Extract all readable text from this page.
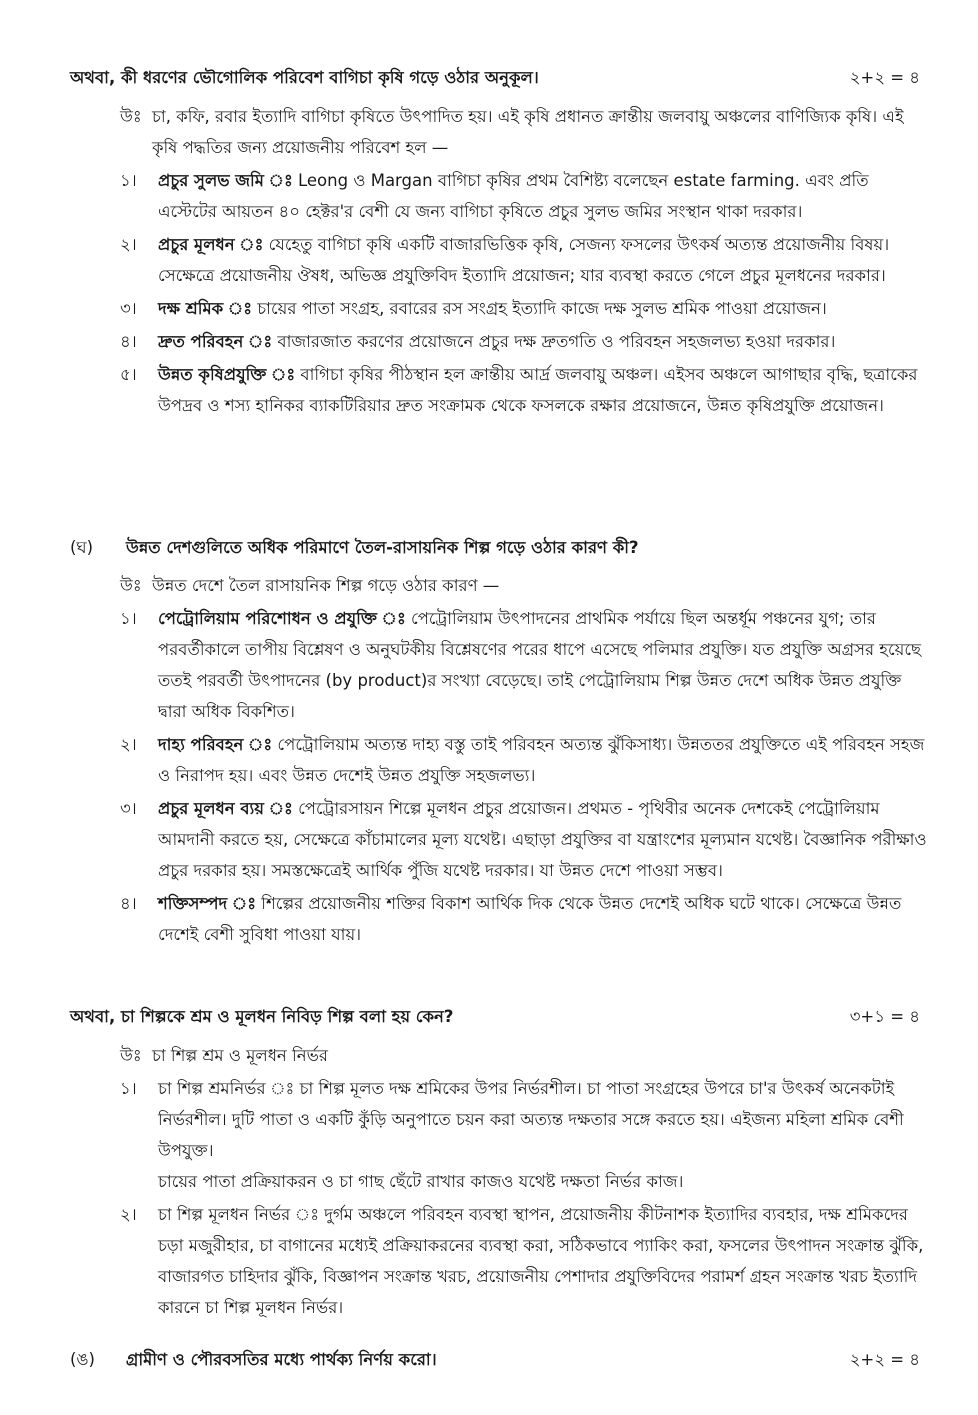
অথবা, কী ধরণের ভৌগোলিক পরিবেশ বাগিচা কৃষি গড়ে ওঠার অনুকূল।	২+২ = ৪
উঃ চা, কফি, রবার ইত্যাদি বাগিচা কৃষিতে উৎপাদিত হয়। এই কৃষি প্রধানত ক্রান্তীয় জলবায়ু অঞ্চলের বাণিজ্যিক কৃষি। এই কৃষি পদ্ধতির জন্য প্রয়োজনীয় পরিবেশ হল —
১। প্রচুর সুলভ জমি ঃ Leong ও Margan বাগিচা কৃষির প্রথম বৈশিষ্ট্য বলেছেন estate farming. এবং প্রতি এস্টেটের আয়তন ৪০ হেক্টর'র বেশী যে জন্য বাগিচা কৃষিতে প্রচুর সুলভ জমির সংস্থান থাকা দরকার।
২। প্রচুর মূলধন ঃ যেহেতু বাগিচা কৃষি একটি বাজারভিত্তিক কৃষি, সেজন্য ফসলের উৎকর্ষ অত্যন্ত প্রয়োজনীয় বিষয়। সেক্ষেত্রে প্রয়োজনীয় ঔষধ, অভিজ্ঞ প্রযুক্তিবিদ ইত্যাদি প্রয়োজন; যার ব্যবস্থা করতে গেলে প্রচুর মূলধনের দরকার।
৩। দক্ষ শ্রমিক ঃ চায়ের পাতা সংগ্রহ, রবারের রস সংগ্রহ ইত্যাদি কাজে দক্ষ সুলভ শ্রমিক পাওয়া প্রয়োজন।
৪। দ্রুত পরিবহন ঃ বাজারজাত করণের প্রয়োজনে প্রচুর দক্ষ দ্রুতগতি ও পরিবহন সহজলভ্য হওয়া দরকার।
৫। উন্নত কৃষিপ্রযুক্তি ঃ বাগিচা কৃষির পীঠস্থান হল ক্রান্তীয় আর্দ্র জলবায়ু অঞ্চল। এইসব অঞ্চলে আগাছার বৃদ্ধি, ছত্রাকের উপদ্রব ও শস্য হানিকর ব্যাকটিরিয়ার দ্রুত সংক্রামক থেকে ফসলকে রক্ষার প্রয়োজনে, উন্নত কৃষিপ্রযুক্তি প্রয়োজন।
(ঘ)	উন্নত দেশগুলিতে অধিক পরিমাণে তৈল-রাসায়নিক শিল্প গড়ে ওঠার কারণ কী?
উঃ উন্নত দেশে তৈল রাসায়নিক শিল্প গড়ে ওঠার কারণ —
১। পেট্রোলিয়াম পরিশোধন ও প্রযুক্তি ঃ পেট্রোলিয়াম উৎপাদনের প্রাথমিক পর্যায়ে ছিল অন্তর্ধূম পঞ্চনের যুগ; তার পরবর্তীকালে তাপীয় বিশ্লেষণ ও অনুঘটকীয় বিশ্লেষণের পরের ধাপে এসেছে পলিমার প্রযুক্তি। যত প্রযুক্তি অগ্রসর হয়েছে ততই পরবর্তী উৎপাদনের (by product)র সংখ্যা বেড়েছে। তাই পেট্রোলিয়াম শিল্প উন্নত দেশে অধিক উন্নত প্রযুক্তি দ্বারা অধিক বিকশিত।
২। দাহ্য পরিবহন ঃ পেট্রোলিয়াম অত্যন্ত দাহ্য বস্তু তাই পরিবহন অত্যন্ত ঝুঁকিসাধ্য। উন্নততর প্রযুক্তিতে এই পরিবহন সহজ ও নিরাপদ হয়। এবং উন্নত দেশেই উন্নত প্রযুক্তি সহজলভ্য।
৩। প্রচুর মূলধন ব্যয় ঃ পেট্রোরসায়ন শিল্পে মূলধন প্রচুর প্রয়োজন। প্রথমত - পৃথিবীর অনেক দেশকেই পেট্রোলিয়াম আমদানী করতে হয়, সেক্ষেত্রে কাঁচামালের মূল্য যথেষ্ট। এছাড়া প্রযুক্তির বা যন্ত্রাংশের মূল্যমান যথেষ্ট। বৈজ্ঞানিক পরীক্ষাও প্রচুর দরকার হয়। সমস্তক্ষেত্রেই আর্থিক পুঁজি যথেষ্ট দরকার। যা উন্নত দেশে পাওয়া সম্ভব।
৪। শক্তিসম্পদ ঃ শিল্পের প্রয়োজনীয় শক্তির বিকাশ আর্থিক দিক থেকে উন্নত দেশেই অধিক ঘটে থাকে। সেক্ষেত্রে উন্নত দেশেই বেশী সুবিধা পাওয়া যায়।
অথবা, চা শিল্পকে শ্রম ও মূলধন নিবিড় শিল্প বলা হয় কেন?	৩+১ = ৪
উঃ চা শিল্প শ্রম ও মূলধন নির্ভর
১। চা শিল্প শ্রমনির্ভর ঃ চা শিল্প মূলত দক্ষ শ্রমিকের উপর নির্ভরশীল। চা পাতা সংগ্রহের উপরে চা'র উৎকর্ষ অনেকটাই নির্ভরশীল। দুটি পাতা ও একটি কুঁড়ি অনুপাতে চয়ন করা অত্যন্ত দক্ষতার সঙ্গে করতে হয়। এইজন্য মহিলা শ্রমিক বেশী উপযুক্ত।
চায়ের পাতা প্রক্রিয়াকরন ও চা গাছ ছেঁটে রাখার কাজও যথেষ্ট দক্ষতা নির্ভর কাজ।
২। চা শিল্প মূলধন নির্ভর ঃ দুর্গম অঞ্চলে পরিবহন ব্যবস্থা স্থাপন, প্রয়োজনীয় কীটনাশক ইত্যাদির ব্যবহার, দক্ষ শ্রমিকদের চড়া মজুরীহার, চা বাগানের মধ্যেই প্রক্রিয়াকরনের ব্যবস্থা করা, সঠিকভাবে প্যাকিং করা, ফসলের উৎপাদন সংক্রান্ত ঝুঁকি, বাজারগত চাহিদার ঝুঁকি, বিজ্ঞাপন সংক্রান্ত খরচ, প্রয়োজনীয় পেশাদার প্রযুক্তিবিদের পরামর্শ গ্রহন সংক্রান্ত খরচ ইত্যাদি কারনে চা শিল্প মূলধন নির্ভর।
(ঙ)	গ্রামীণ ও পৌরবসতির মধ্যে পার্থক্য নির্ণয় করো।	২+২ = ৪
